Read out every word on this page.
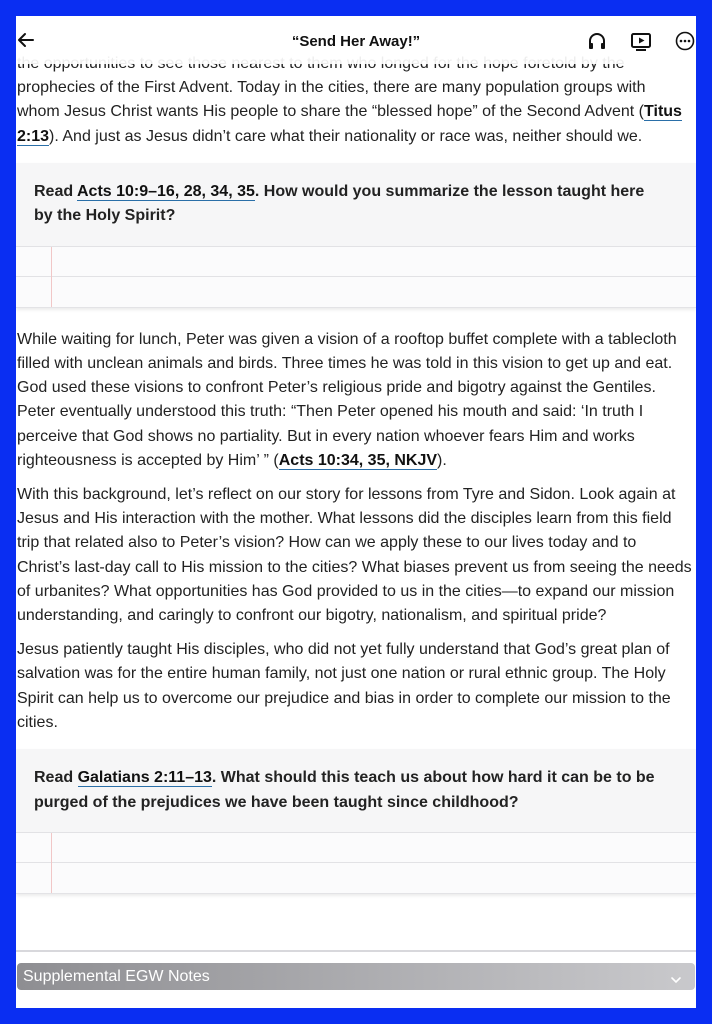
“Send Her Away!”

prophecies of the First Advent. Today in the cities, there are many population groups with whom Jesus Christ wants His people to share the “blessed hope” of the Second Advent (Titus 2:13). And just as Jesus didn’t care what their nationality or race was, neither should we.

Read Acts 10:9–16, 28, 34, 35. How would you summarize the lesson taught here by the Holy Spirit?

While waiting for lunch, Peter was given a vision of a rooftop buffet complete with a tablecloth filled with unclean animals and birds. Three times he was told in this vision to get up and eat. God used these visions to confront Peter’s religious pride and bigotry against the Gentiles. Peter eventually understood this truth: “Then Peter opened his mouth and said: ‘In truth I perceive that God shows no partiality. But in every nation whoever fears Him and works righteousness is accepted by Him’ ” (Acts 10:34, 35, NKJV).

With this background, let’s reflect on our story for lessons from Tyre and Sidon. Look again at Jesus and His interaction with the mother. What lessons did the disciples learn from this field trip that related also to Peter’s vision? How can we apply these to our lives today and to Christ’s last-day call to His mission to the cities? What biases prevent us from seeing the needs of urbanites? What opportunities has God provided to us in the cities—to expand our mission understanding, and caringly to confront our bigotry, nationalism, and spiritual pride?

Jesus patiently taught His disciples, who did not yet fully understand that God’s great plan of salvation was for the entire human family, not just one nation or rural ethnic group. The Holy Spirit can help us to overcome our prejudice and bias in order to complete our mission to the cities.

Read Galatians 2:11–13. What should this teach us about how hard it can be to be purged of the prejudices we have been taught since childhood?
Supplemental EGW Notes
